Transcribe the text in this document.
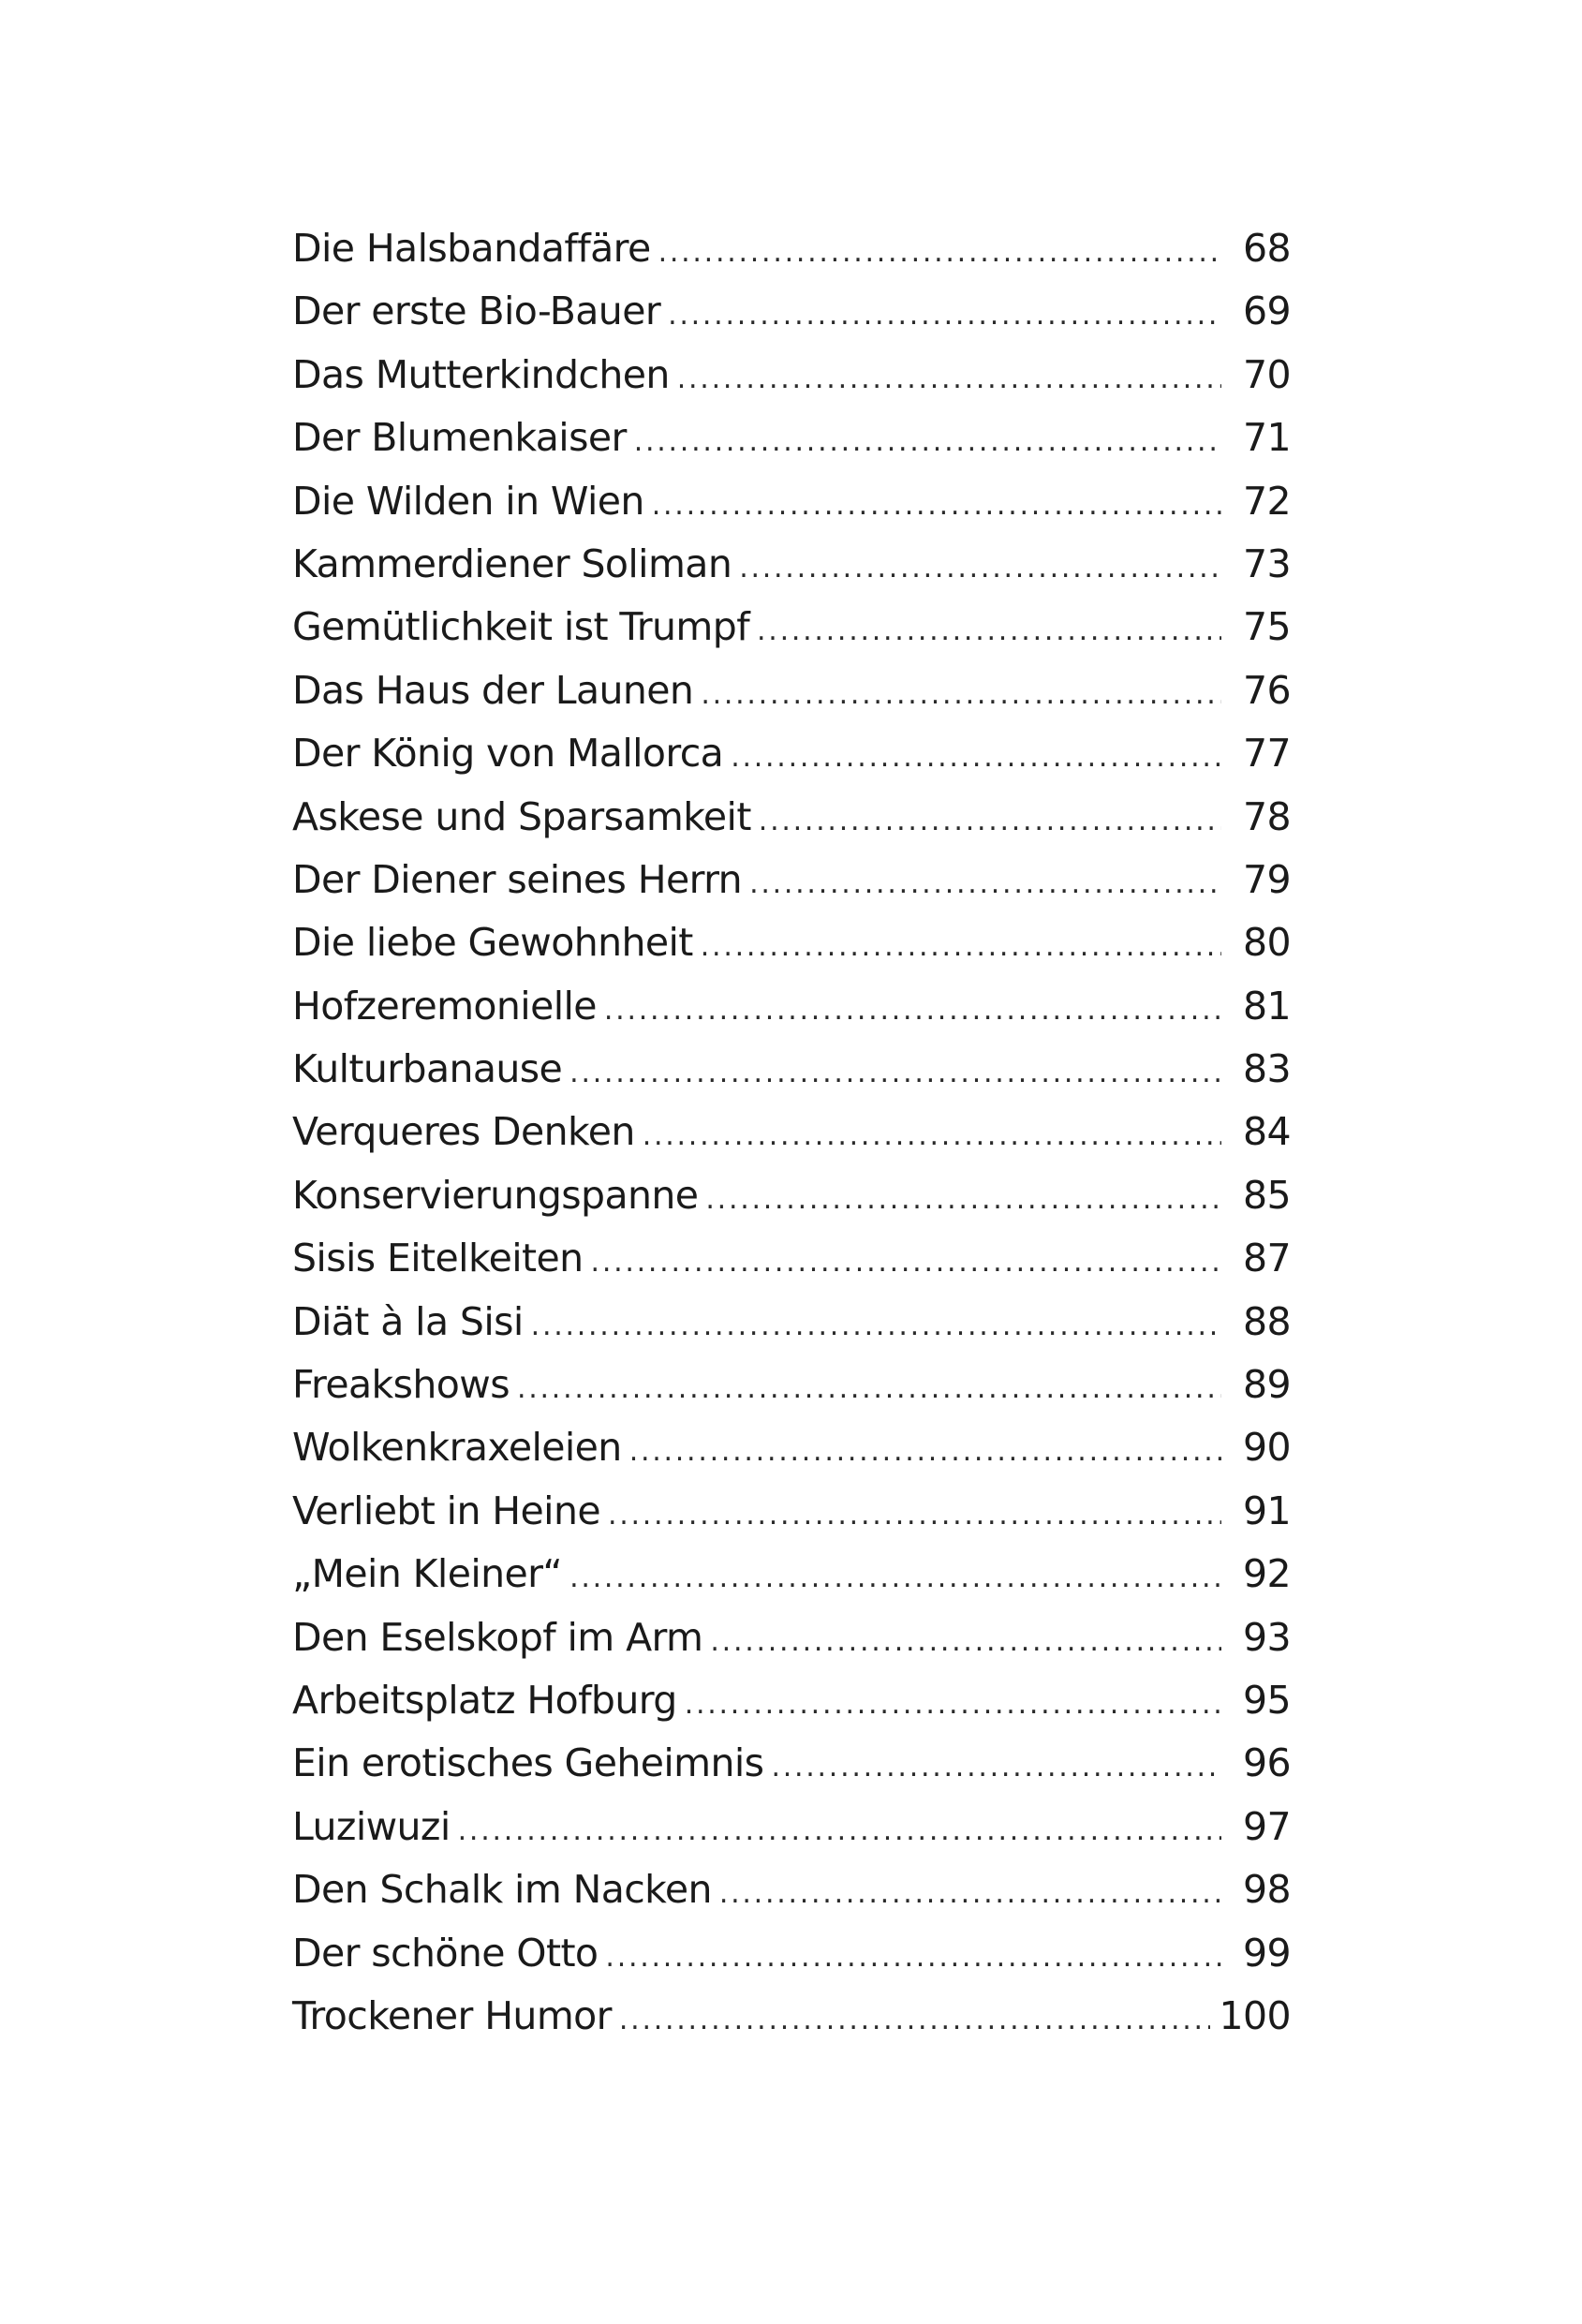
Die Halsbandaffäre . . .	68
Der erste Bio-Bauer . . .	69
Das Mutterkindchen . . .	70
Der Blumenkaiser . . .	71
Die Wilden in Wien . . .	72
Kammerdiener Soliman . . .	73
Gemütlichkeit ist Trumpf . . .	75
Das Haus der Launen . . .	76
Der König von Mallorca . . .	77
Askese und Sparsamkeit . . .	78
Der Diener seines Herrn . . .	79
Die liebe Gewohnheit . . .	80
Hofzeremonielle . . .	81
Kulturbanause . . .	83
Verqueres Denken . . .	84
Konservierungspanne . . .	85
Sisis Eitelkeiten . . .	87
Diät à la Sisi . . .	88
Freakshows . . .	89
Wolkenkraxeleien . . .	90
Verliebt in Heine . . .	91
„Mein Kleiner“ . . .	92
Den Eselskopf im Arm . . .	93
Arbeitsplatz Hofburg . . .	95
Ein erotisches Geheimnis . . .	96
Luziwuzi . . .	97
Den Schalk im Nacken . . .	98
Der schöne Otto . . .	99
Trockener Humor . . .	100
